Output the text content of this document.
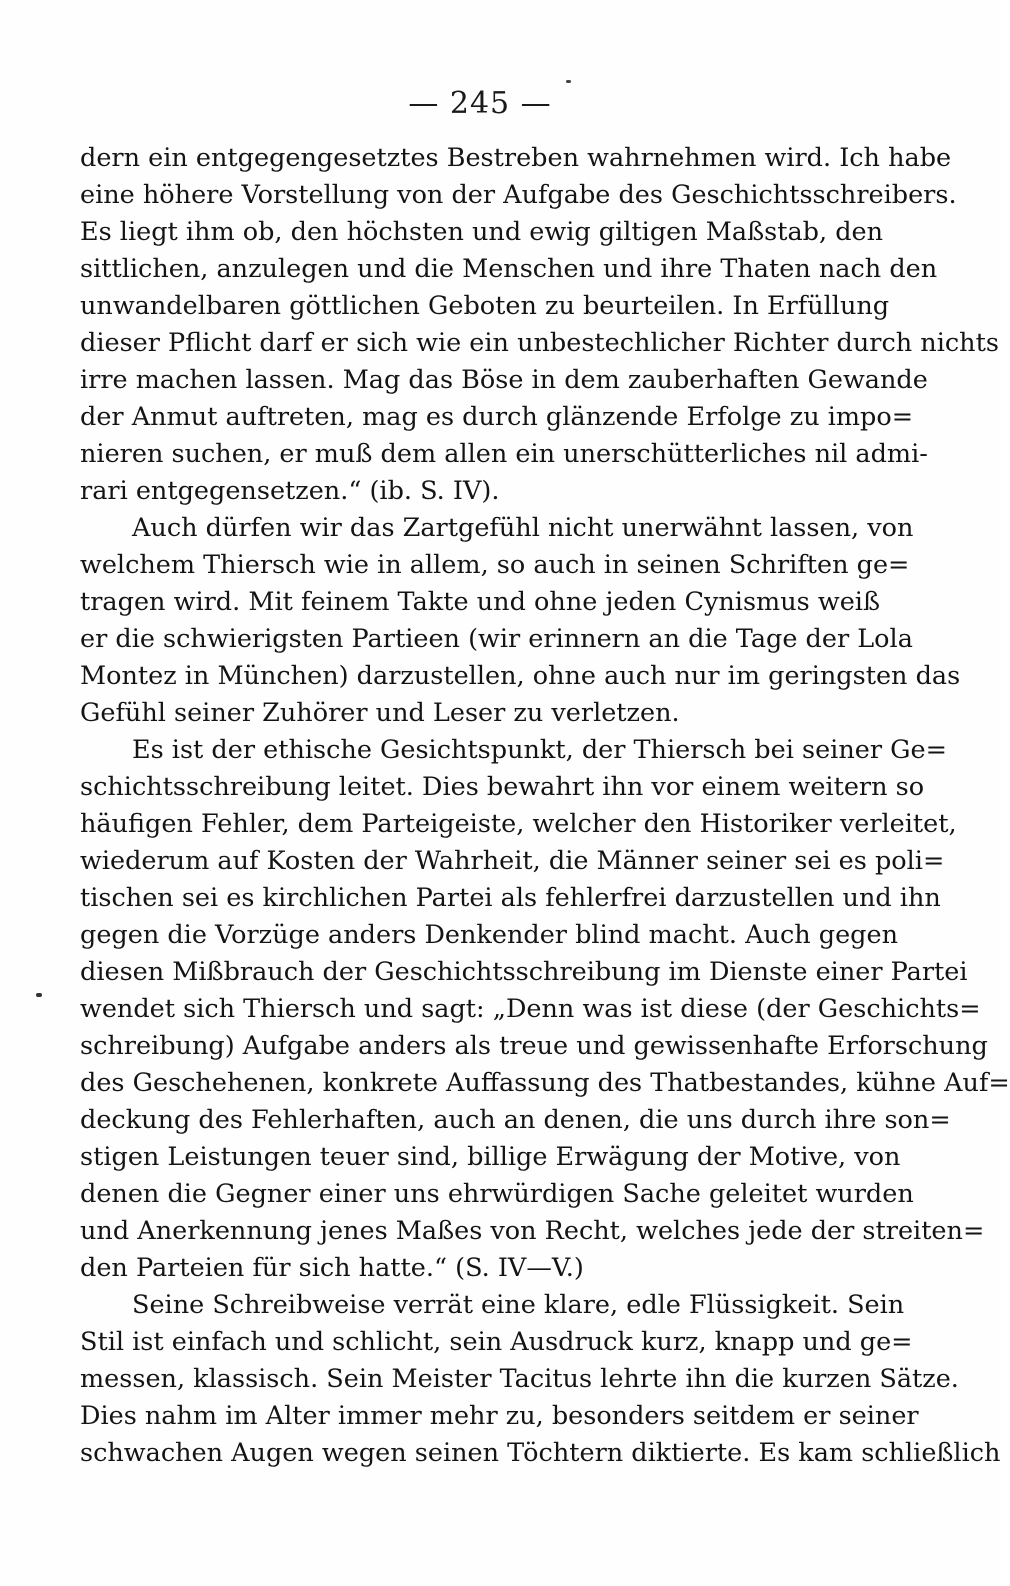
— 245 —
dern ein entgegengesetztes Bestreben wahrnehmen wird. Ich habe
eine höhere Vorstellung von der Aufgabe des Geschichtsschreibers.
Es liegt ihm ob, den höchsten und ewig giltigen Maßstab, den
sittlichen, anzulegen und die Menschen und ihre Thaten nach den
unwandelbaren göttlichen Geboten zu beurteilen. In Erfüllung
dieser Pflicht darf er sich wie ein unbestechlicher Richter durch nichts
irre machen lassen. Mag das Böse in dem zauberhaften Gewande
der Anmut auftreten, mag es durch glänzende Erfolge zu impo=
nieren suchen, er muß dem allen ein unerschütterliches nil admi-
rari entgegensetzen.“ (ib. S. IV).
Auch dürfen wir das Zartgefühl nicht unerwähnt lassen, von
welchem Thiersch wie in allem, so auch in seinen Schriften ge=
tragen wird. Mit feinem Takte und ohne jeden Cynismus weiß
er die schwierigsten Partieen (wir erinnern an die Tage der Lola
Montez in München) darzustellen, ohne auch nur im geringsten das
Gefühl seiner Zuhörer und Leser zu verletzen.
Es ist der ethische Gesichtspunkt, der Thiersch bei seiner Ge=
schichtsschreibung leitet. Dies bewahrt ihn vor einem weitern so
häufigen Fehler, dem Parteigeiste, welcher den Historiker verleitet,
wiederum auf Kosten der Wahrheit, die Männer seiner sei es poli=
tischen sei es kirchlichen Partei als fehlerfrei darzustellen und ihn
gegen die Vorzüge anders Denkender blind macht. Auch gegen
diesen Mißbrauch der Geschichtsschreibung im Dienste einer Partei
wendet sich Thiersch und sagt: „Denn was ist diese (der Geschichts=
schreibung) Aufgabe anders als treue und gewissenhafte Erforschung
des Geschehenen, konkrete Auffassung des Thatbestandes, kühne Auf=
deckung des Fehlerhaften, auch an denen, die uns durch ihre son=
stigen Leistungen teuer sind, billige Erwägung der Motive, von
denen die Gegner einer uns ehrwürdigen Sache geleitet wurden
und Anerkennung jenes Maßes von Recht, welches jede der streiten=
den Parteien für sich hatte.“ (S. IV—V.)
Seine Schreibweise verrät eine klare, edle Flüssigkeit. Sein
Stil ist einfach und schlicht, sein Ausdruck kurz, knapp und ge=
messen, klassisch. Sein Meister Tacitus lehrte ihn die kurzen Sätze.
Dies nahm im Alter immer mehr zu, besonders seitdem er seiner
schwachen Augen wegen seinen Töchtern diktierte. Es kam schließlich
